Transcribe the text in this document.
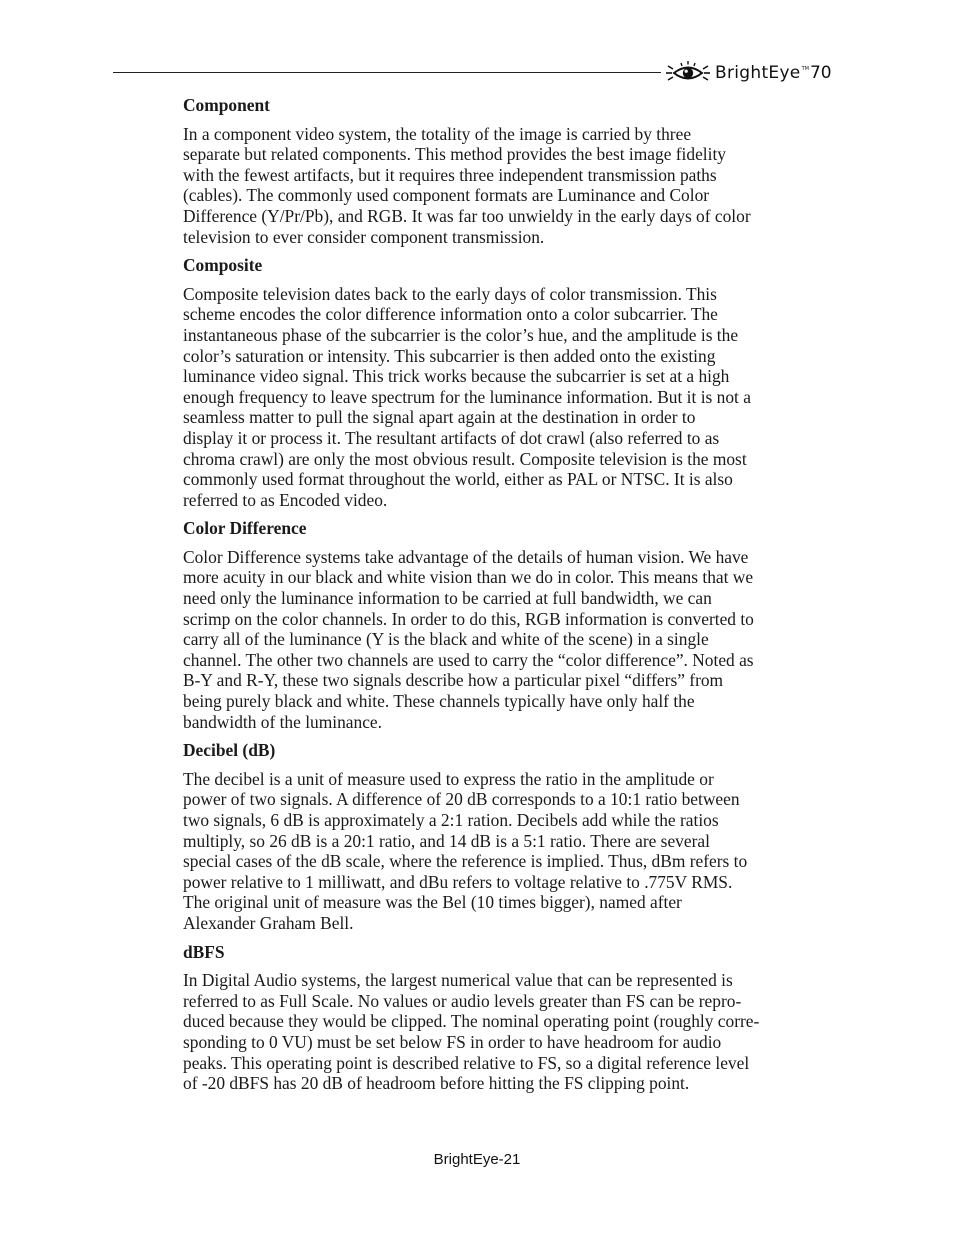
BrightEye TM 70
Component
In a component video system, the totality of the image is carried by three
separate but related components. This method provides the best image fidelity
with the fewest artifacts, but it requires three independent transmission paths
(cables). The commonly used component formats are Luminance and Color
Difference (Y/Pr/Pb), and RGB. It was far too unwieldy in the early days of color
television to ever consider component transmission.
Composite
Composite television dates back to the early days of color transmission. This
scheme encodes the color difference information onto a color subcarrier. The
instantaneous phase of the subcarrier is the color’s hue, and the amplitude is the
color’s saturation or intensity. This subcarrier is then added onto the existing
luminance video signal. This trick works because the subcarrier is set at a high
enough frequency to leave spectrum for the luminance information. But it is not a
seamless matter to pull the signal apart again at the destination in order to
display it or process it. The resultant artifacts of dot crawl (also referred to as
chroma crawl) are only the most obvious result. Composite television is the most
commonly used format throughout the world, either as PAL or NTSC. It is also
referred to as Encoded video.
Color Difference
Color Difference systems take advantage of the details of human vision. We have
more acuity in our black and white vision than we do in color. This means that we
need only the luminance information to be carried at full bandwidth, we can
scrimp on the color channels. In order to do this, RGB information is converted to
carry all of the luminance (Y is the black and white of the scene) in a single
channel. The other two channels are used to carry the “color difference”. Noted as
B-Y and R-Y, these two signals describe how a particular pixel “differs” from
being purely black and white. These channels typically have only half the
bandwidth of the luminance.
Decibel (dB)
The decibel is a unit of measure used to express the ratio in the amplitude or
power of two signals. A difference of 20 dB corresponds to a 10:1 ratio between
two signals, 6 dB is approximately a 2:1 ration. Decibels add while the ratios
multiply, so 26 dB is a 20:1 ratio, and 14 dB is a 5:1 ratio. There are several
special cases of the dB scale, where the reference is implied. Thus, dBm refers to
power relative to 1 milliwatt, and dBu refers to voltage relative to .775V RMS.
The original unit of measure was the Bel (10 times bigger), named after
Alexander Graham Bell.
dBFS
In Digital Audio systems, the largest numerical value that can be represented is
referred to as Full Scale. No values or audio levels greater than FS can be repro-
duced because they would be clipped. The nominal operating point (roughly corre-
sponding to 0 VU) must be set below FS in order to have headroom for audio
peaks. This operating point is described relative to FS, so a digital reference level
of -20 dBFS has 20 dB of headroom before hitting the FS clipping point.
BrightEye-21
